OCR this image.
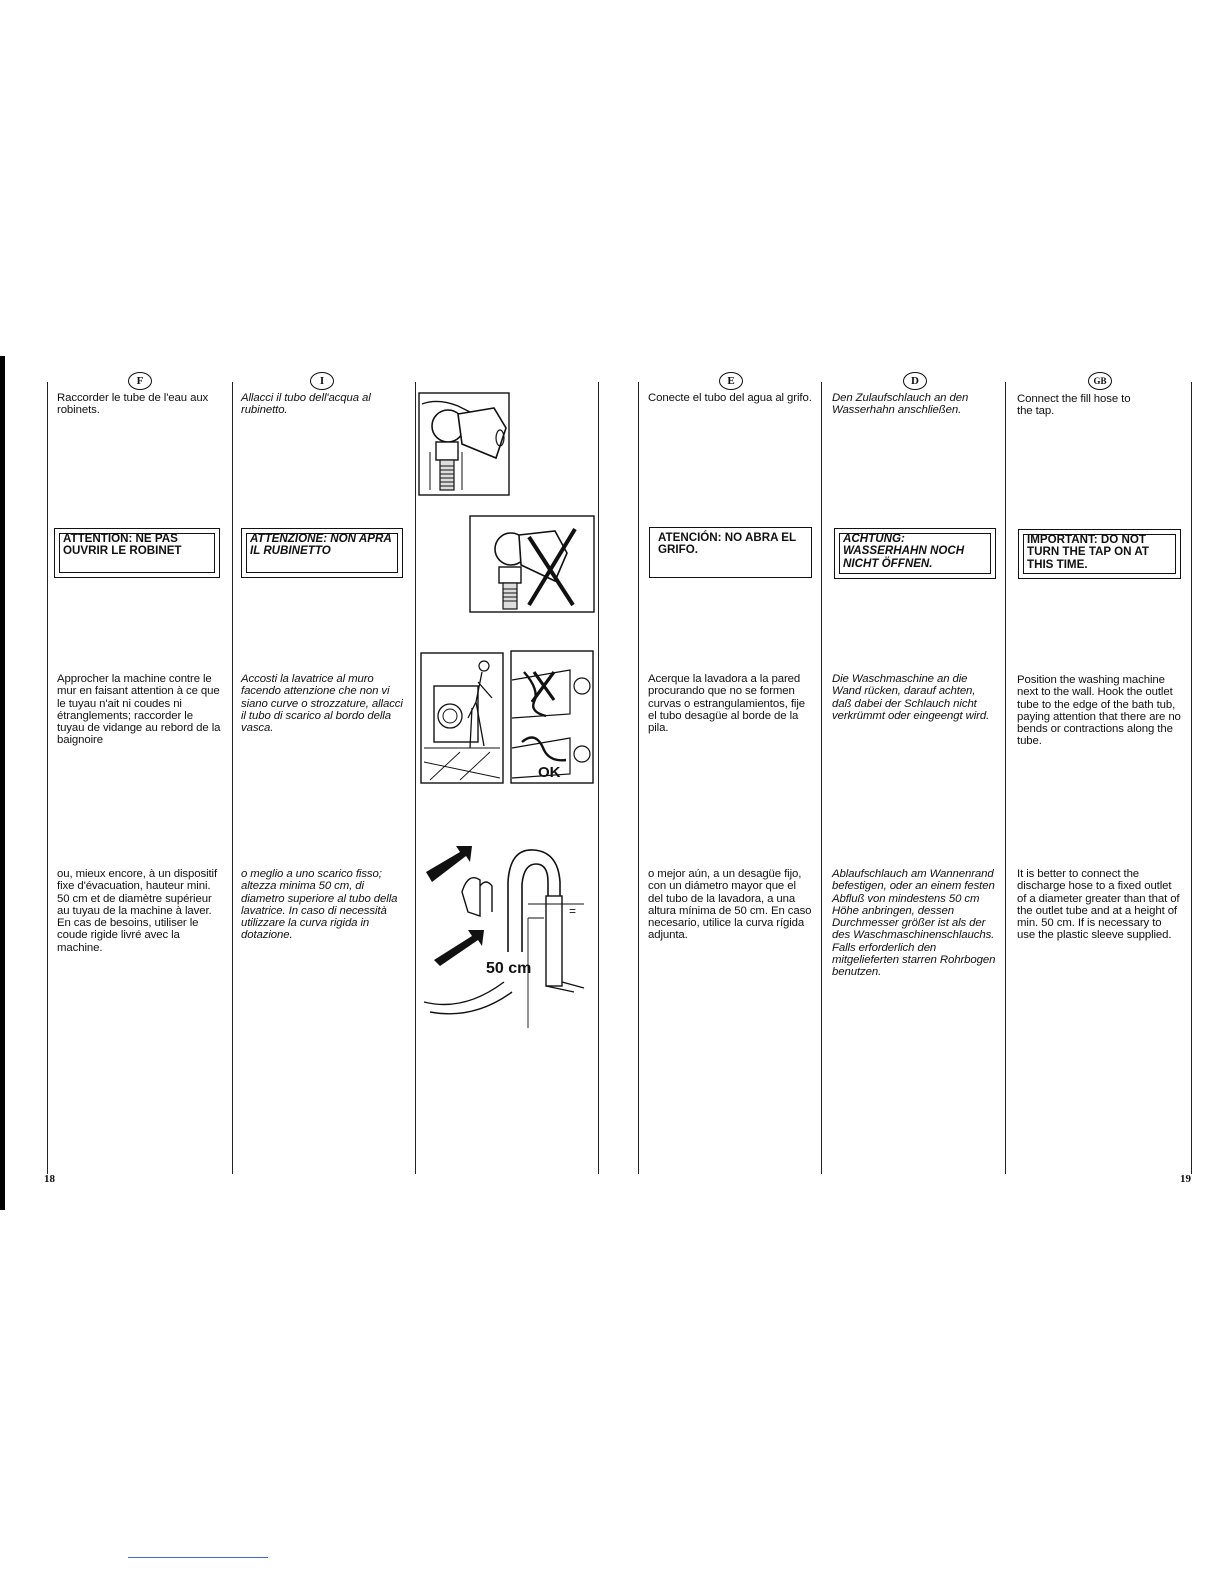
F
Raccorder le tube de l'eau aux robinets.
ATTENTION: NE PAS OUVRIR LE ROBINET
Approcher la machine contre le mur en faisant attention à ce que le tuyau n'ait ni coudes ni étranglements; raccorder le tuyau de vidange au rebord de la baignoire
ou, mieux encore, à un dispositif fixe d'évacuation, hauteur mini. 50 cm et de diamètre supérieur au tuyau de la machine à laver. En cas de besoins, utiliser le coude rigide livré avec la machine.
I
Allacci il tubo dell'acqua al rubinetto.
ATTENZIONE: NON APRA IL RUBINETTO
Accosti la lavatrice al muro facendo attenzione che non vi siano curve o strozzature, allacci il tubo di scarico al bordo della vasca.
o meglio a uno scarico fisso; altezza minima 50 cm, di diametro superiore al tubo della lavatrice. In caso di necessità utilizzare la curva rigida in dotazione.
OK
=
50 cm
E
Conecte el tubo del agua al grifo.
ATENCIÓN: NO ABRA EL GRIFO.
Acerque la lavadora a la pared procurando que no se formen curvas o estrangulamientos, fije el tubo desagüe al borde de la pila.
o mejor aún, a un desagüe fijo, con un diámetro mayor que el del tubo de la lavadora, a una altura mínima de 50 cm. En caso necesario, utilice la curva rígida adjunta.
D
Den Zulaufschlauch an den Wasserhahn anschließen.
ACHTUNG: WASSERHAHN NOCH NICHT ÖFFNEN.
Die Waschmaschine an die Wand rücken, darauf achten, daß dabei der Schlauch nicht verkrümmt oder eingeengt wird.
Ablaufschlauch am Wannenrand befestigen, oder an einem festen Abfluß von mindestens 50 cm Höhe anbringen, dessen Durchmesser größer ist als der des Waschmaschinenschlauchs. Falls erforderlich den mitgelieferten starren Rohrbogen benutzen.
GB
Connect the fill hose to the tap.
IMPORTANT: DO NOT TURN THE TAP ON AT THIS TIME.
Position the washing machine next to the wall. Hook the outlet tube to the edge of the bath tub, paying attention that there are no bends or contractions along the tube.
It is better to connect the discharge hose to a fixed outlet of a diameter greater than that of the outlet tube and at a height of min. 50 cm. If is necessary to use the plastic sleeve supplied.
18	19
